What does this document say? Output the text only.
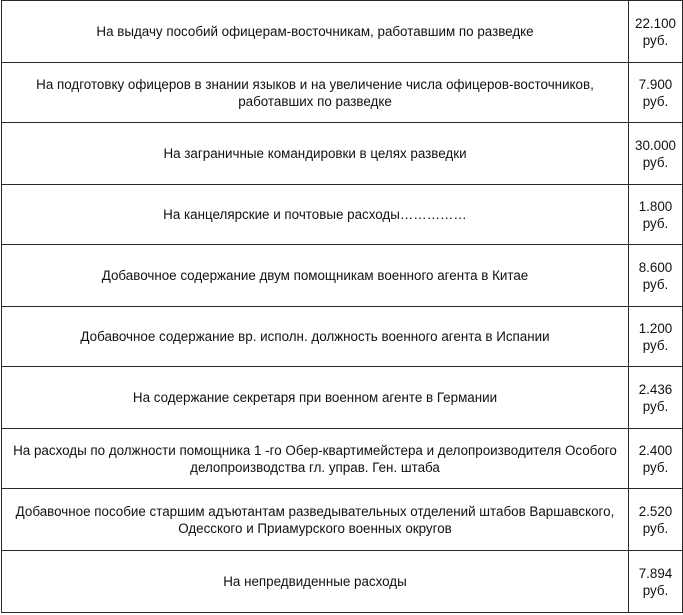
На выдачу пособий офицерам-восточникам, работавшим по разведке	22.100
руб.

На подготовку офицеров в знании языков и на увеличение числа офицеров-восточников, работавших по разведке	7.900
руб.

На заграничные командировки в целях разведки	30.000
руб.

На канцелярские и почтовые расходы……………	1.800
руб.

Добавочное содержание двум помощникам военного агента в Китае	8.600
руб.

Добавочное содержание вр. исполн. должность военного агента в Испании	1.200
руб.

На содержание секретаря при военном агенте в Германии	2.436
руб.

На расходы по должности помощника 1 -го Обер-квартимейстера и делопроизводителя Особого делопроизводства гл. управ. Ген. штаба	2.400
руб.

Добавочное пособие старшим адъютантам разведывательных отделений штабов Варшавского, Одесского и Приамурского военных округов	2.520
руб.

На непредвиденные расходы	7.894
руб.
